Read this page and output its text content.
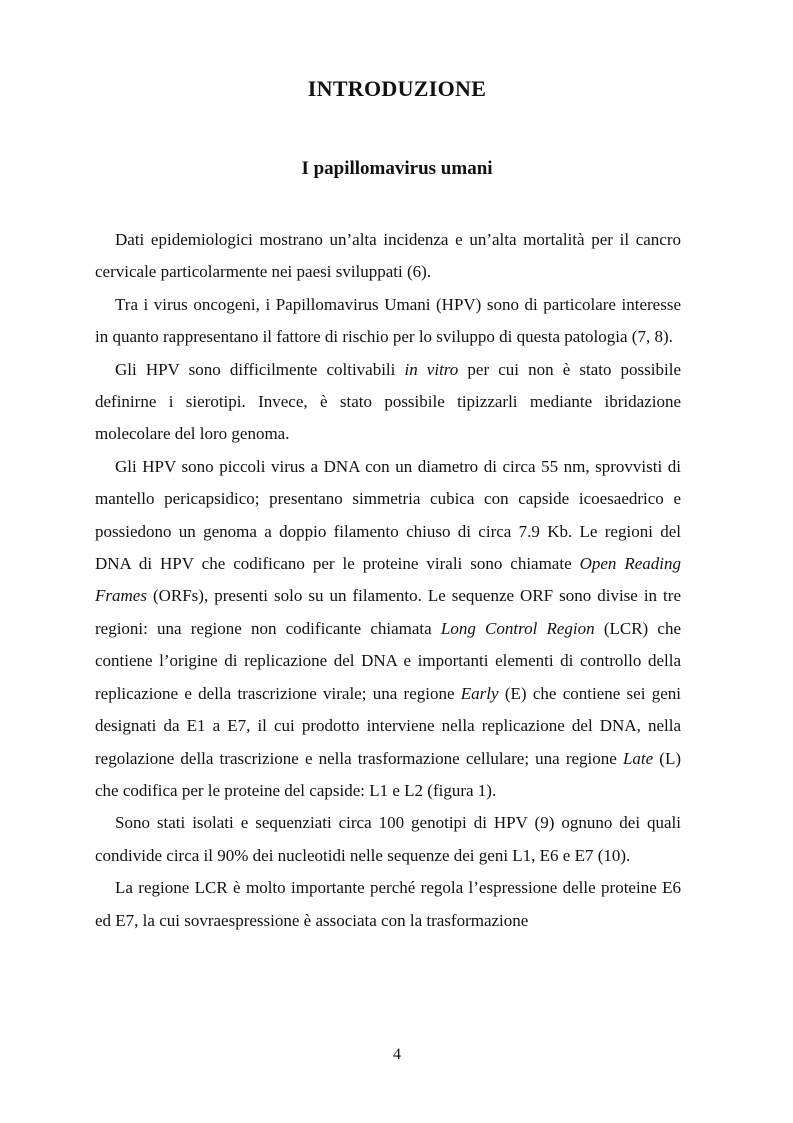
INTRODUZIONE
I papillomavirus umani

Dati epidemiologici mostrano un’alta incidenza e un’alta mortalità per il cancro cervicale particolarmente nei paesi sviluppati (6).

Tra i virus oncogeni, i Papillomavirus Umani (HPV) sono di particolare interesse in quanto rappresentano il fattore di rischio per lo sviluppo di questa patologia (7, 8).

Gli HPV sono difficilmente coltivabili in vitro per cui non è stato possibile definirne i sierotipi. Invece, è stato possibile tipizzarli mediante ibridazione molecolare del loro genoma.

Gli HPV sono piccoli virus a DNA con un diametro di circa 55 nm, sprovvisti di mantello pericapsidico; presentano simmetria cubica con capside icoesaedrico e possiedono un genoma a doppio filamento chiuso di circa 7.9 Kb. Le regioni del DNA di HPV che codificano per le proteine virali sono chiamate Open Reading Frames (ORFs), presenti solo su un filamento. Le sequenze ORF sono divise in tre regioni: una regione non codificante chiamata Long Control Region (LCR) che contiene l’origine di replicazione del DNA e importanti elementi di controllo della replicazione e della trascrizione virale; una regione Early (E) che contiene sei geni designati da E1 a E7, il cui prodotto interviene nella replicazione del DNA, nella regolazione della trascrizione e nella trasformazione cellulare; una regione Late (L) che codifica per le proteine del capside: L1 e L2 (figura 1).

Sono stati isolati e sequenziati circa 100 genotipi di HPV (9) ognuno dei quali condivide circa il 90% dei nucleotidi nelle sequenze dei geni L1, E6 e E7 (10).

La regione LCR è molto importante perché regola l’espressione delle proteine E6 ed E7, la cui sovraespressione è associata con la trasformazione

4
